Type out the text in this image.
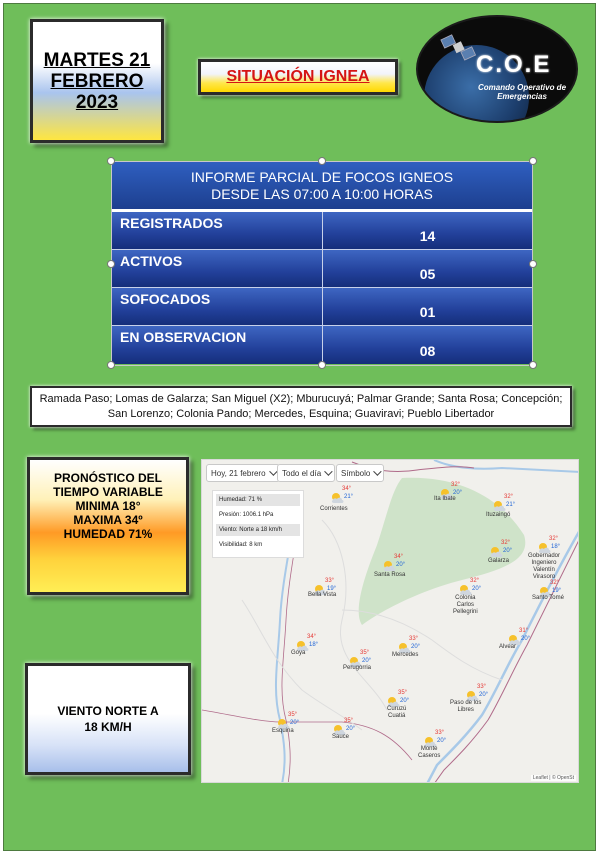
MARTES 21
FEBRERO
2023
SITUACIÓN IGNEA	C.O.E
Comando Operativo de
Emergencias
INFORME PARCIAL DE FOCOS IGNEOS
DESDE LAS 07:00 A 10:00 HORAS
REGISTRADOS
14
ACTIVOS
05
SOFOCADOS
01
EN OBSERVACION
08
Ramada Paso; Lomas de Galarza; San Miguel (X2); Mburucuyá; Palmar Grande; Santa Rosa; Concepción; San Lorenzo; Colonia Pando; Mercedes, Esquina; Guaviravi; Pueblo Libertador
PRONÓSTICO DEL
TIEMPO VARIABLE
MINIMA 18°
MAXIMA 34º
HUMEDAD 71%
VIENTO NORTE A
18 KM/H
Hoy, 21 febrero Todo el día Símbolo
Humedad: 71 %
Presión: 1006.1 hPa
Viento: Norte a 18 km/h
Visibilidad: 8 km
34°
21°
Corrientes
32°
20°
Ita Ibate	32°
21°
Ituzaingó
34°
20°
Santa Rosa
32°
20°
Galarza
32°
18°
Gobernador
Ingeniero
Valentín
Virasoro
33°
19°
Bella Vista
32°
20°
Colonia
Carlos
Pellegrini
32°
19°
Santo Tomé
34°
18°
Goya
31°
20°
Alvear
35°
20°
Perugorria
33°
20°
Mercedes
35°
20°
Curuzú
Cuatiá
33°
20°
Paso de los
Libres
35°
20°
Esquina
35°
20°
Sauce
33°
20°
Monte
Caseros
Leaflet | © OpenSt
